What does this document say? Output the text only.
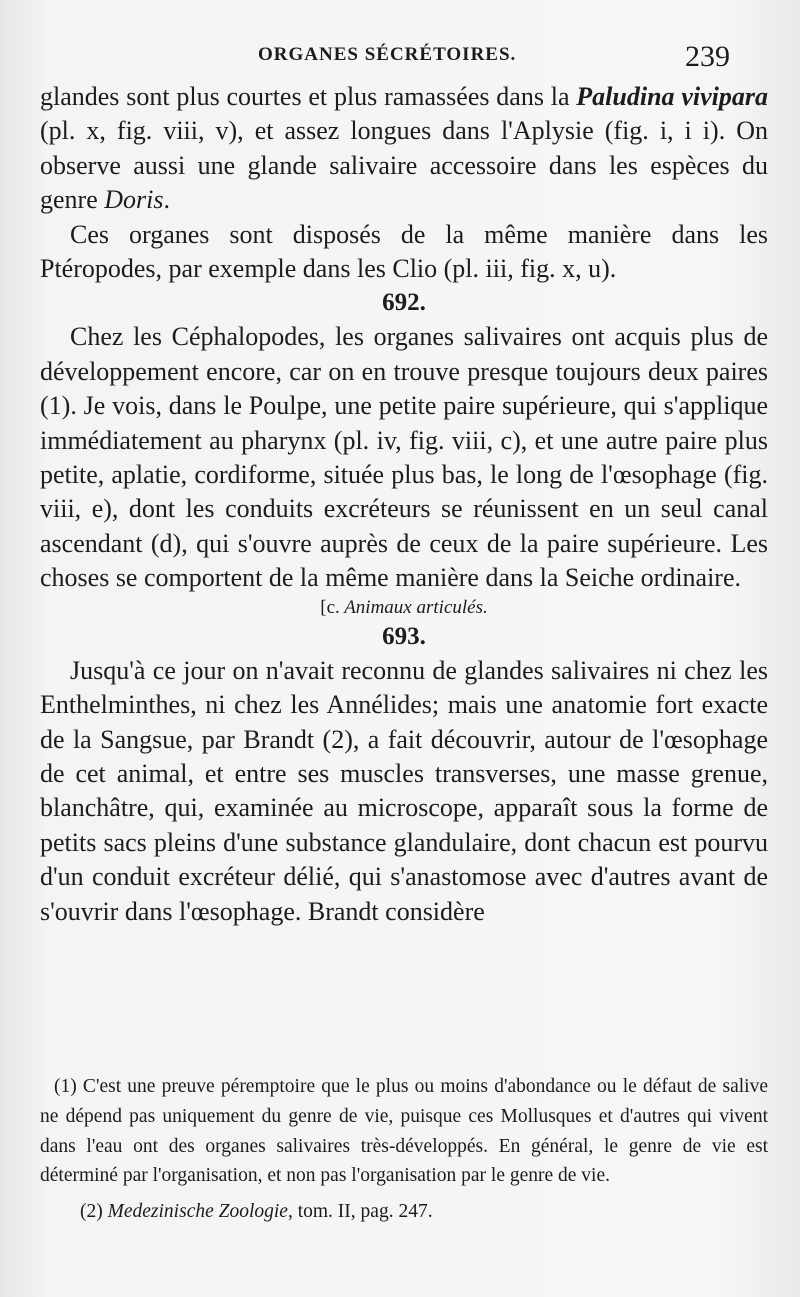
ORGANES SÉCRÉTOIRES.	239

glandes sont plus courtes et plus ramassées dans la Paludina vivipara (pl. x, fig. viii, v), et assez longues dans l'Aplysie (fig. i, i i). On observe aussi une glande salivaire accessoire dans les espèces du genre Doris.

Ces organes sont disposés de la même manière dans les Ptéropodes, par exemple dans les Clio (pl. iii, fig. x, u).

692.

Chez les Céphalopodes, les organes salivaires ont acquis plus de développement encore, car on en trouve presque toujours deux paires (1). Je vois, dans le Poulpe, une petite paire supérieure, qui s'applique immédiatement au pharynx (pl. iv, fig. viii, c), et une autre paire plus petite, aplatie, cordiforme, située plus bas, le long de l'œsophage (fig. viii, e), dont les conduits excréteurs se réunissent en un seul canal ascendant (d), qui s'ouvre auprès de ceux de la paire supérieure. Les choses se comportent de la même manière dans la Seiche ordinaire.

[c. Animaux articulés.

693.

Jusqu'à ce jour on n'avait reconnu de glandes salivaires ni chez les Enthelminthes, ni chez les Annélides; mais une anatomie fort exacte de la Sangsue, par Brandt (2), a fait découvrir, autour de l'œsophage de cet animal, et entre ses muscles transverses, une masse grenue, blanchâtre, qui, examinée au microscope, apparaît sous la forme de petits sacs pleins d'une substance glandulaire, dont chacun est pourvu d'un conduit excréteur délié, qui s'anastomose avec d'autres avant de s'ouvrir dans l'œsophage. Brandt considère

(1) C'est une preuve péremptoire que le plus ou moins d'abondance ou le défaut de salive ne dépend pas uniquement du genre de vie, puisque ces Mollusques et d'autres qui vivent dans l'eau ont des organes salivaires très-développés. En général, le genre de vie est déterminé par l'organisation, et non pas l'organisation par le genre de vie.

(2) Medezinische Zoologie, tom. II, pag. 247.
